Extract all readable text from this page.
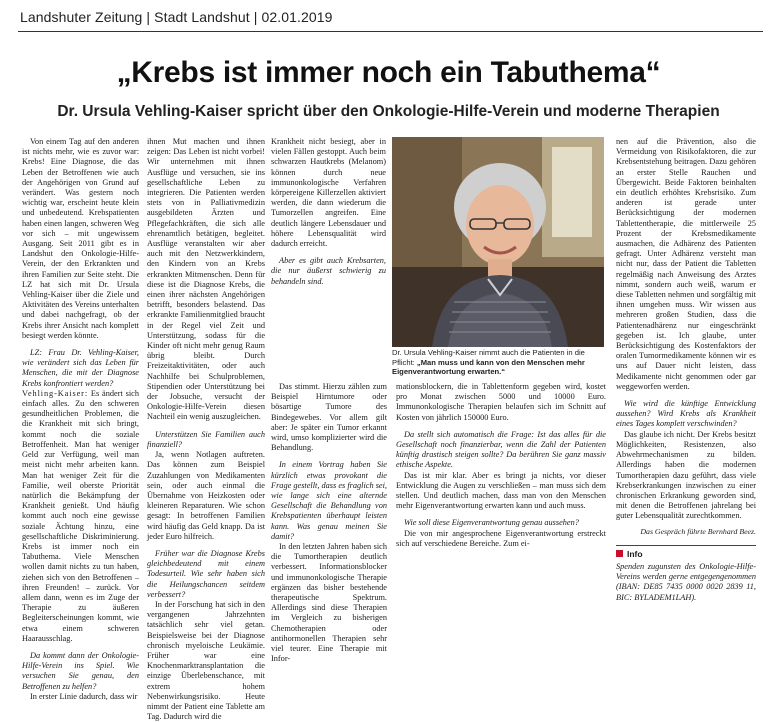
Landshuter Zeitung | Stadt Landshut | 02.01.2019
„Krebs ist immer noch ein Tabuthema“
Dr. Ursula Vehling-Kaiser spricht über den Onkologie-Hilfe-Verein und moderne Therapien

Von einem Tag auf den anderen ist nichts mehr, wie es zuvor war: Krebs! Eine Diagnose, die das Leben der Betroffenen wie auch der Angehörigen von Grund auf verändert. Was gestern noch wichtig war, erscheint heute klein und unbedeutend. Krebspatienten haben einen langen, schweren Weg vor sich – mit ungewissem Ausgang. Seit 2011 gibt es in Landshut den Onkologie-Hilfe-Verein, der den Erkrankten und ihren Familien zur Seite steht. Die LZ hat sich mit Dr. Ursula Vehling-Kaiser über die Ziele und Aktivitäten des Vereins unterhalten und dabei nachgefragt, ob der Krebs ihrer Ansicht nach komplett besiegt werden könnte.

LZ: Frau Dr. Vehling-Kaiser, wie verändert sich das Leben für Menschen, die mit der Diagnose Krebs konfrontiert werden?

Vehling-Kaiser: Es ändert sich einfach alles. Zu den schweren gesundheitlichen Problemen, die die Krankheit mit sich bringt, kommt noch die soziale Betroffenheit. Man hat weniger Geld zur Verfügung, weil man meist nicht mehr arbeiten kann. Man hat weniger Zeit für die Familie, weil oberste Priorität natürlich die Bekämpfung der Krankheit genießt. Und häufig kommt auch noch eine gewisse soziale Ächtung hinzu, eine gesellschaftliche Diskriminierung. Krebs ist immer noch ein Tabuthema. Viele Menschen wollen damit nichts zu tun haben, ziehen sich von den Betroffenen – ihren Freunden! – zurück. Vor allem dann, wenn es im Zuge der Therapie zu äußeren Begleiterscheinungen kommt, wie etwa einem schweren Haarausschlag.

Da kommt dann der Onkologie-Hilfe-Verein ins Spiel. Wie versuchen Sie genau, den Betroffenen zu helfen?

In erster Linie dadurch, dass wir

ihnen Mut machen und ihnen zeigen: Das Leben ist nicht vorbei! Wir unternehmen mit ihnen Ausflüge und versuchen, sie ins gesellschaftliche Leben zu integrieren. Die Patienten werden stets von in Palliativmedizin ausgebildeten Ärzten und Pflegefachkräften, die sich alle ehrenamtlich betätigen, begleitet. Ausflüge veranstalten wir aber auch mit den Netzwerkkindern, den Kindern von an Krebs erkrankten Mitmenschen. Denn für diese ist die Diagnose Krebs, die einen ihrer nächsten Angehörigen betrifft, besonders belastend. Das erkrankte Familienmitglied braucht in der Regel viel Zeit und Unterstützung, sodass für die Kinder oft nicht mehr genug Raum übrig bleibt. Durch Freizeitaktivitäten, oder auch Nachhilfe bei Schulproblemen, Stipendien oder Unterstützung bei der Jobsuche, versucht der Onkologie-Hilfe-Verein diesen Nachteil ein wenig auszugleichen.

Unterstützen Sie Familien auch finanziell?

Ja, wenn Notlagen auftreten. Das können zum Beispiel Zuzahlungen von Medikamenten sein, oder auch einmal die Übernahme von Heizkosten oder kleineren Reparaturen. Wie schon gesagt: In betroffenen Familien wird häufig das Geld knapp. Da ist jeder Euro hilfreich.

Früher war die Diagnose Krebs gleichbedeutend mit einem Todesurteil. Wie sehr haben sich die Heilungschancen seitdem verbessert?

In der Forschung hat sich in den vergangenen Jahrzehnten tatsächlich sehr viel getan. Beispielsweise bei der Diagnose chronisch myeloische Leukämie. Früher war eine Knochenmarktransplantation die einzige Überlebenschance, mit extrem hohem Nebenwirkungsrisiko. Heute nimmt der Patient eine Tablette am Tag. Dadurch wird die

Krankheit nicht besiegt, aber in vielen Fällen gestoppt. Auch beim schwarzen Hautkrebs (Melanom) können durch neue immunonkologische Verfahren körpereigene Killerzellen aktiviert werden, die dann wiederum die Tumorzellen angreifen. Eine deutlich längere Lebensdauer und höhere Lebensqualität wird dadurch erreicht.

Aber es gibt auch Krebsarten, die nur äußerst schwierig zu behandeln sind.

Dr. Ursula Vehling-Kaiser nimmt auch die Patienten in die Pflicht: „Man muss und kann von den Menschen mehr Eigenverantwortung erwarten.“

Das stimmt. Hierzu zählen zum Beispiel Hirntumore oder bösartige Tumore des Bindegewebes. Vor allem gilt aber: Je später ein Tumor erkannt wird, umso komplizierter wird die Behandlung.

In einem Vortrag haben Sie kürzlich etwas provokant die Frage gestellt, dass es fraglich sei, wie lange sich eine alternde Gesellschaft die Behandlung von Krebspatienten überhaupt leisten kann. Was genau meinen Sie damit?

In den letzten Jahren haben sich die Tumortherapien deutlich verbessert. Informationsblocker und immunonkologische Therapie ergänzen das bisher bestehende therapeutische Spektrum. Allerdings sind diese Therapien im Vergleich zu bisherigen Chemotherapien oder antihormonellen Therapien sehr viel teurer. Eine Therapie mit Infor-

mationsblockern, die in Tablettenform gegeben wird, kostet pro Monat zwischen 5000 und 10000 Euro. Immunonkologische Therapien belaufen sich im Schnitt auf Kosten von jährlich 150000 Euro.

Da stellt sich automatisch die Frage: Ist das alles für die Gesellschaft noch finanzierbar, wenn die Zahl der Patienten künftig drastisch steigen sollte? Da berühren Sie ganz massiv ethische Aspekte.

Das ist mir klar. Aber es bringt ja nichts, vor dieser Entwicklung die Augen zu verschließen – man muss sich dem stellen. Und deutlich machen, dass man von den Menschen mehr Eigenverantwortung erwarten kann und auch muss.

Wie soll diese Eigenverantwortung genau aussehen?

Die von mir angesprochene Eigenverantwortung erstreckt sich auf verschiedene Bereiche. Zum ei-

nen auf die Prävention, also die Vermeidung von Risikofaktoren, die zur Krebsentstehung beitragen. Dazu gehören an erster Stelle Rauchen und Übergewicht. Beide Faktoren beinhalten ein deutlich erhöhtes Krebsrisiko. Zum anderen ist gerade unter Berücksichtigung der modernen Tablettentherapie, die mittlerweile 25 Prozent der Krebsmedikamente ausmachen, die Adhärenz des Patienten gefragt. Unter Adhärenz versteht man nicht nur, dass der Patient die Tabletten regelmäßig nach Anweisung des Arztes nimmt, sondern auch weiß, warum er diese Tabletten nehmen und sorgfältig mit ihnen umgehen muss. Wir wissen aus mehreren großen Studien, dass die Patientenadhärenz nur eingeschränkt gegeben ist. Ich glaube, unter Berücksichtigung des Kostenfaktors der oralen Tumormedikamente können wir es uns auf Dauer nicht leisten, dass Medikamente nicht genommen oder gar weggeworfen werden.

Wie wird die künftige Entwicklung aussehen? Wird Krebs als Krankheit eines Tages komplett verschwinden?

Das glaube ich nicht. Der Krebs besitzt Möglichkeiten, Resistenzen, also Abwehrmechanismen zu bilden. Allerdings haben die modernen Tumortherapien dazu geführt, dass viele Krebserkrankungen inzwischen zu einer chronischen Erkrankung geworden sind, mit denen die Betroffenen jahrelang bei guter Lebensqualität zurechtkommen.

Das Gespräch führte Bernhard Beez.
Info

Spenden zugunsten des Onkologie-Hilfe-Vereins werden gerne entgegengenommen (IBAN: DE85 7435 0000 0020 2839 11, BIC: BYLADEM1LAH).
